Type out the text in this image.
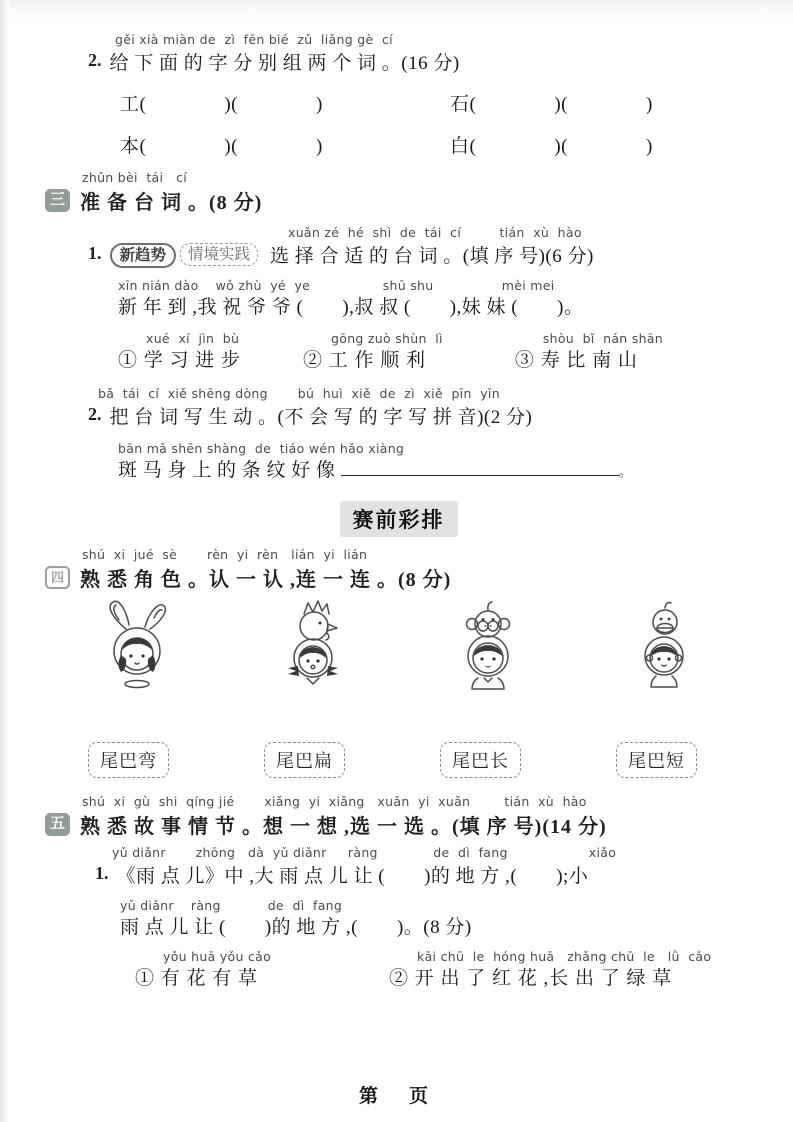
gěi xià miàn de  zì  fēn bié  zǔ  liǎng gè  cí
2. 给 下 面 的 字 分 别 组 两 个 词 。(16 分)
工(　　　　)(　　　　)	石(　　　　)(　　　　)
本(　　　　)(　　　　)	白(　　　　)(　　　　)
zhǔn bèi  tái   cí
三 准 备 台 词 。(8 分)
xuǎn zé  hé  shì  de  tái  cí　　　tián  xù  hào
1.	新趋势	情境实践	选 择 合 适 的 台 词 。(填 序 号)(6 分)
xīn nián dào　 wǒ zhù  yé  ye　　　　　  shū shu　　　　　 mèi mei
新 年 到 ,我 祝 爷 爷 (　　),叔 叔 (　　),妹 妹 (　　)。
xué  xí  jìn  bù
① 学 习 进 步
gōng zuò shùn  lì
② 工 作 顺 利
shòu  bǐ  nán shān
③ 寿 比 南 山
bǎ  tái  cí  xiě shēng dòng　　 bú  huì  xiě  de  zì  xiě  pīn  yīn
2. 把 台 词 写 生 动 。(不 会 写 的 字 写 拼 音)(2 分)
bān mǎ shēn shàng  de  tiáo wén hǎo xiàng
斑 马 身 上 的 条 纹 好 像	。
赛前彩排
shú  xi  jué  sè　　 rèn  yi  rèn   lián  yi  lián
四 熟 悉 角 色 。认 一 认 ,连 一 连 。(8 分)
尾巴弯	尾巴扁	尾巴长	尾巴短
shú  xi  gù  shi  qíng jié　　 xiǎng  yi  xiǎng   xuǎn  yi  xuǎn　　  tián  xù  hào
五 熟 悉 故 事 情 节 。想 一 想 ,选 一 选 。(填 序 号)(14 分)
yǔ diǎnr　　 zhōng   dà  yǔ diǎnr　  ràng　　　　 de  dì  fang　　　　　　 xiǎo
1. 《雨 点 儿》中 ,大 雨 点 儿 让 (　　)的 地 方 ,(　　);小
yǔ diǎnr　 ràng　　　  de  dì  fang
雨 点 儿 让 (　　)的 地 方 ,(　　)。(8 分)
yǒu huā yǒu cǎo
① 有 花 有 草
kāi chū  le  hóng huā   zhǎng chū  le   lǜ  cǎo
② 开 出 了 红 花 ,长 出 了 绿 草
第　页
